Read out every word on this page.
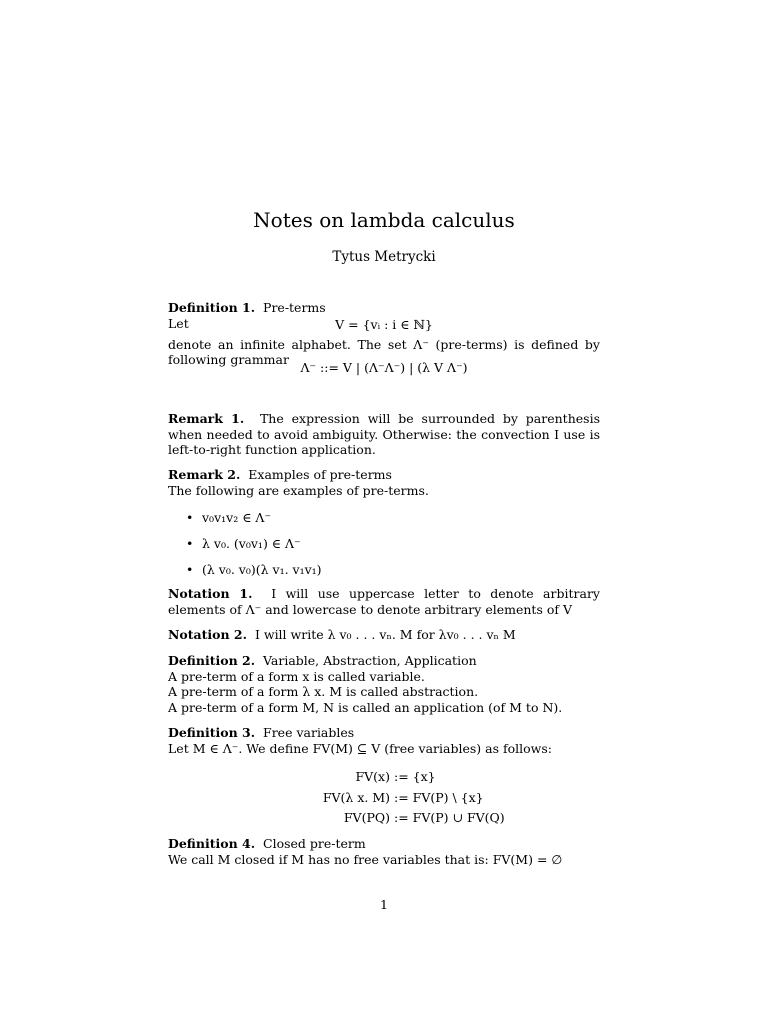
Notes on lambda calculus
Tytus Metrycki

Definition 1. Pre-terms

Let	V = {vᵢ : i ∈ ℕ}

denote an infinite alphabet. The set Λ⁻ (pre-terms) is defined by following grammar Λ⁻ ::= V | (Λ⁻Λ⁻) | (λ V Λ⁻)

Remark 1. The expression will be surrounded by parenthesis when needed to avoid ambiguity. Otherwise: the convection I use is left-to-right function application.

Remark 2. Examples of pre-terms

The following are examples of pre-terms.

• v₀v₁v₂ ∈ Λ⁻
• λ v₀. (v₀v₁) ∈ Λ⁻
• (λ v₀. v₀)(λ v₁. v₁v₁)

Notation 1. I will use uppercase letter to denote arbitrary elements of Λ⁻ and lowercase to denote arbitrary elements of V

Notation 2. I will write λ v₀ . . . vₙ. M for λv₀ . . . vₙ M

Definition 2. Variable, Abstraction, Application

A pre-term of a form x is called variable.

A pre-term of a form λ x. M is called abstraction.

A pre-term of a form M, N is called an application (of M to N).

Definition 3. Free variables

Let M ∈ Λ⁻. We define FV(M) ⊆ V (free variables) as follows:

FV(x) := {x}
FV(λ x. M) := FV(P) \ {x}
FV(PQ) := FV(P) ∪ FV(Q)

Definition 4. Closed pre-term

We call M closed if M has no free variables that is: FV(M) = ∅

1
